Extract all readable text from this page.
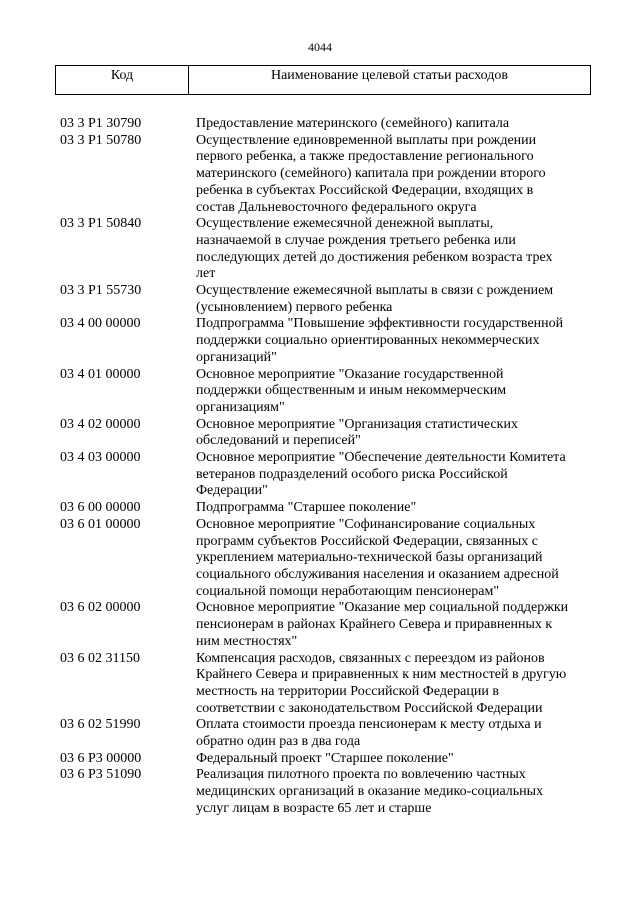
4044
Код	Наименование целевой статьи расходов
03 3 P1 30790	Предоставление материнского (семейного) капитала
03 3 P1 50780	Осуществление единовременной выплаты при рождении
первого ребенка, а также предоставление регионального
материнского (семейного) капитала при рождении второго
ребенка в субъектах Российской Федерации, входящих в
состав Дальневосточного федерального округа
03 3 P1 50840	Осуществление ежемесячной денежной выплаты,
назначаемой в случае рождения третьего ребенка или
последующих детей до достижения ребенком возраста трех
лет
03 3 P1 55730	Осуществление ежемесячной выплаты в связи с рождением
(усыновлением) первого ребенка
03 4 00 00000	Подпрограмма "Повышение эффективности государственной
поддержки социально ориентированных некоммерческих
организаций"
03 4 01 00000	Основное мероприятие "Оказание государственной
поддержки общественным и иным некоммерческим
организациям"
03 4 02 00000	Основное мероприятие "Организация статистических
обследований и переписей"
03 4 03 00000	Основное мероприятие "Обеспечение деятельности Комитета
ветеранов подразделений особого риска Российской
Федерации"
03 6 00 00000	Подпрограмма "Старшее поколение"
03 6 01 00000	Основное мероприятие "Софинансирование социальных
программ субъектов Российской Федерации, связанных с
укреплением материально-технической базы организаций
социального обслуживания населения и оказанием адресной
социальной помощи неработающим пенсионерам"
03 6 02 00000	Основное мероприятие "Оказание мер социальной поддержки
пенсионерам в районах Крайнего Севера и приравненных к
ним местностях"
03 6 02 31150	Компенсация расходов, связанных с переездом из районов
Крайнего Севера и приравненных к ним местностей в другую
местность на территории Российской Федерации в
соответствии с законодательством Российской Федерации
03 6 02 51990	Оплата стоимости проезда пенсионерам к месту отдыха и
обратно один раз в два года
03 6 P3 00000	Федеральный проект "Старшее поколение"
03 6 P3 51090	Реализация пилотного проекта по вовлечению частных
медицинских организаций в оказание медико-социальных
услуг лицам в возрасте 65 лет и старше
